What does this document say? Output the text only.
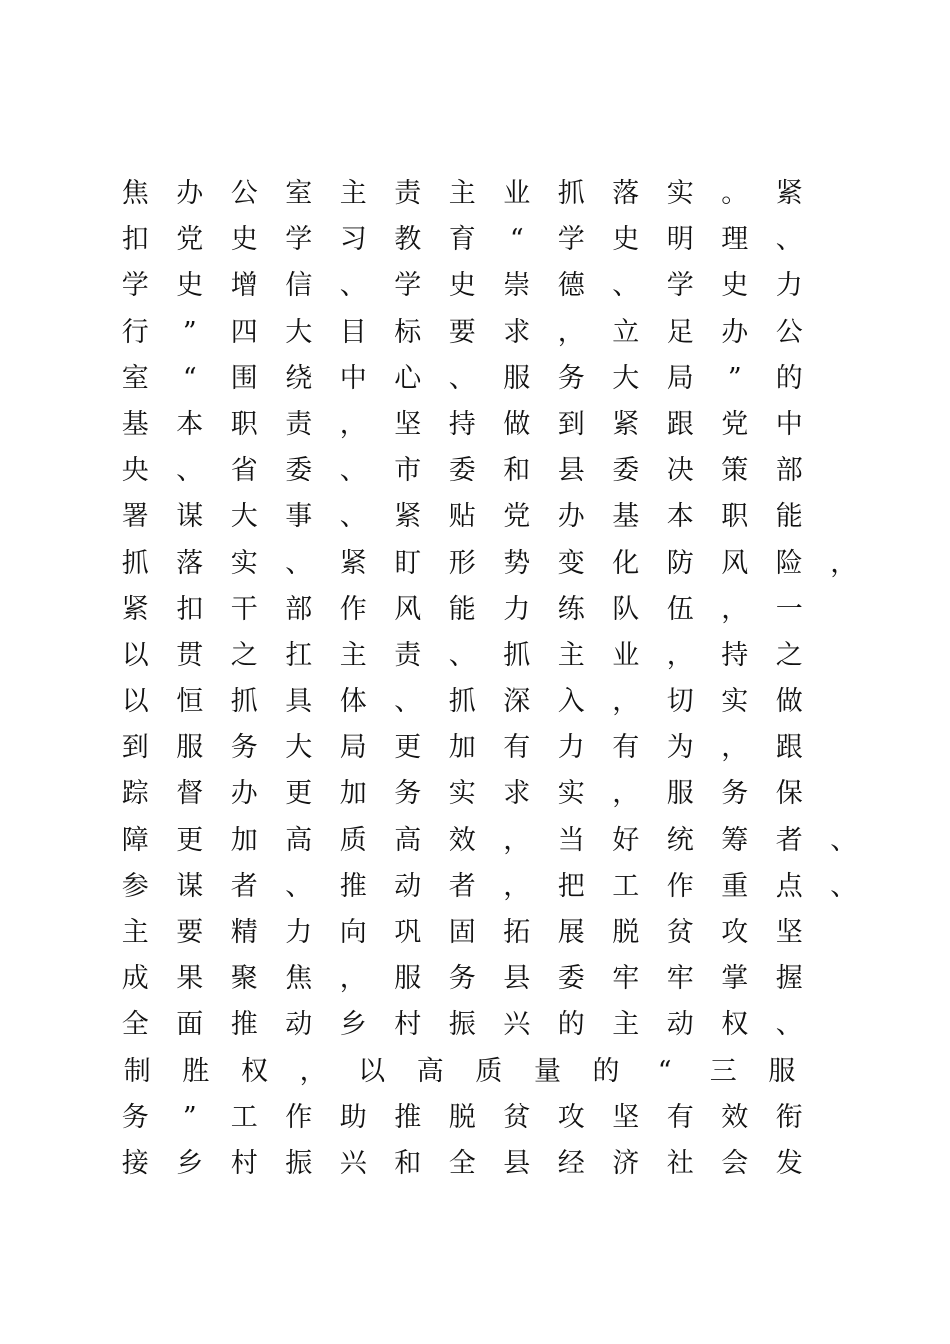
焦 办 公 室 主 责 主 业 抓 落 实 。 紧
扣 党 史 学 习 教 育 “ 学 史 明 理 、
学 史 增 信 、 学 史 崇 德 、 学 史 力
行 ” 四 大 目 标 要 求 ， 立 足 办 公
室 “ 围 绕 中 心 、 服 务 大 局 ” 的
基 本 职 责 ， 坚 持 做 到 紧 跟 党 中
央 、 省 委 、 市 委 和 县 委 决 策 部
署 谋 大 事 、 紧 贴 党 办 基 本 职 能
抓 落 实 、 紧 盯 形 势 变 化 防 风 险 ，
紧 扣 干 部 作 风 能 力 练 队 伍 ， 一
以 贯 之 扛 主 责 、 抓 主 业 ， 持 之
以 恒 抓 具 体 、 抓 深 入 ， 切 实 做
到 服 务 大 局 更 加 有 力 有 为 ， 跟
踪 督 办 更 加 务 实 求 实 ， 服 务 保
障 更 加 高 质 高 效 ， 当 好 统 筹 者 、
参 谋 者 、 推 动 者 ， 把 工 作 重 点 、
主 要 精 力 向 巩 固 拓 展 脱 贫 攻 坚
成 果 聚 焦 ， 服 务 县 委 牢 牢 掌 握
全 面 推 动 乡 村 振 兴 的 主 动 权 、
制 胜 权 ， 以 高 质 量 的 “ 三 服
务 ” 工 作 助 推 脱 贫 攻 坚 有 效 衔
接 乡 村 振 兴 和 全 县 经 济 社 会 发
